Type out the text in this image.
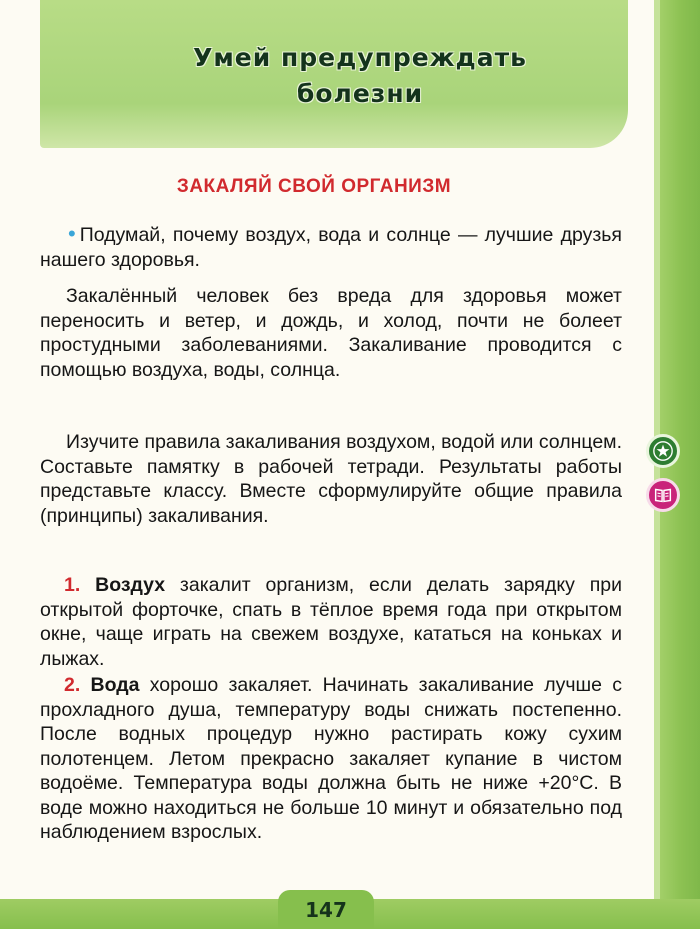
Умей предупреждать
болезни
ЗАКАЛЯЙ СВОЙ ОРГАНИЗМ
• Подумай, почему воздух, вода и солнце — лучшие друзья нашего здоровья.
Закалённый человек без вреда для здоровья может переносить и ветер, и дождь, и холод, почти не болеет простудными заболеваниями. Закаливание проводится с помощью воздуха, воды, солнца.
Изучите правила закаливания воздухом, водой или солнцем. Составьте памятку в рабочей тетради. Результаты работы представьте классу. Вместе сформулируйте общие правила (принципы) закаливания.
1. Воздух закалит организм, если делать зарядку при открытой форточке, спать в тёплое время года при открытом окне, чаще играть на свежем воздухе, кататься на коньках и лыжах.
2. Вода хорошо закаляет. Начинать закаливание лучше с прохладного душа, температуру воды снижать постепенно. После водных процедур нужно растирать кожу сухим полотенцем. Летом прекрасно закаляет купание в чистом водоёме. Температура воды должна быть не ниже +20°С. В воде можно находиться не больше 10 минут и обязательно под наблюдением взрослых.
147
